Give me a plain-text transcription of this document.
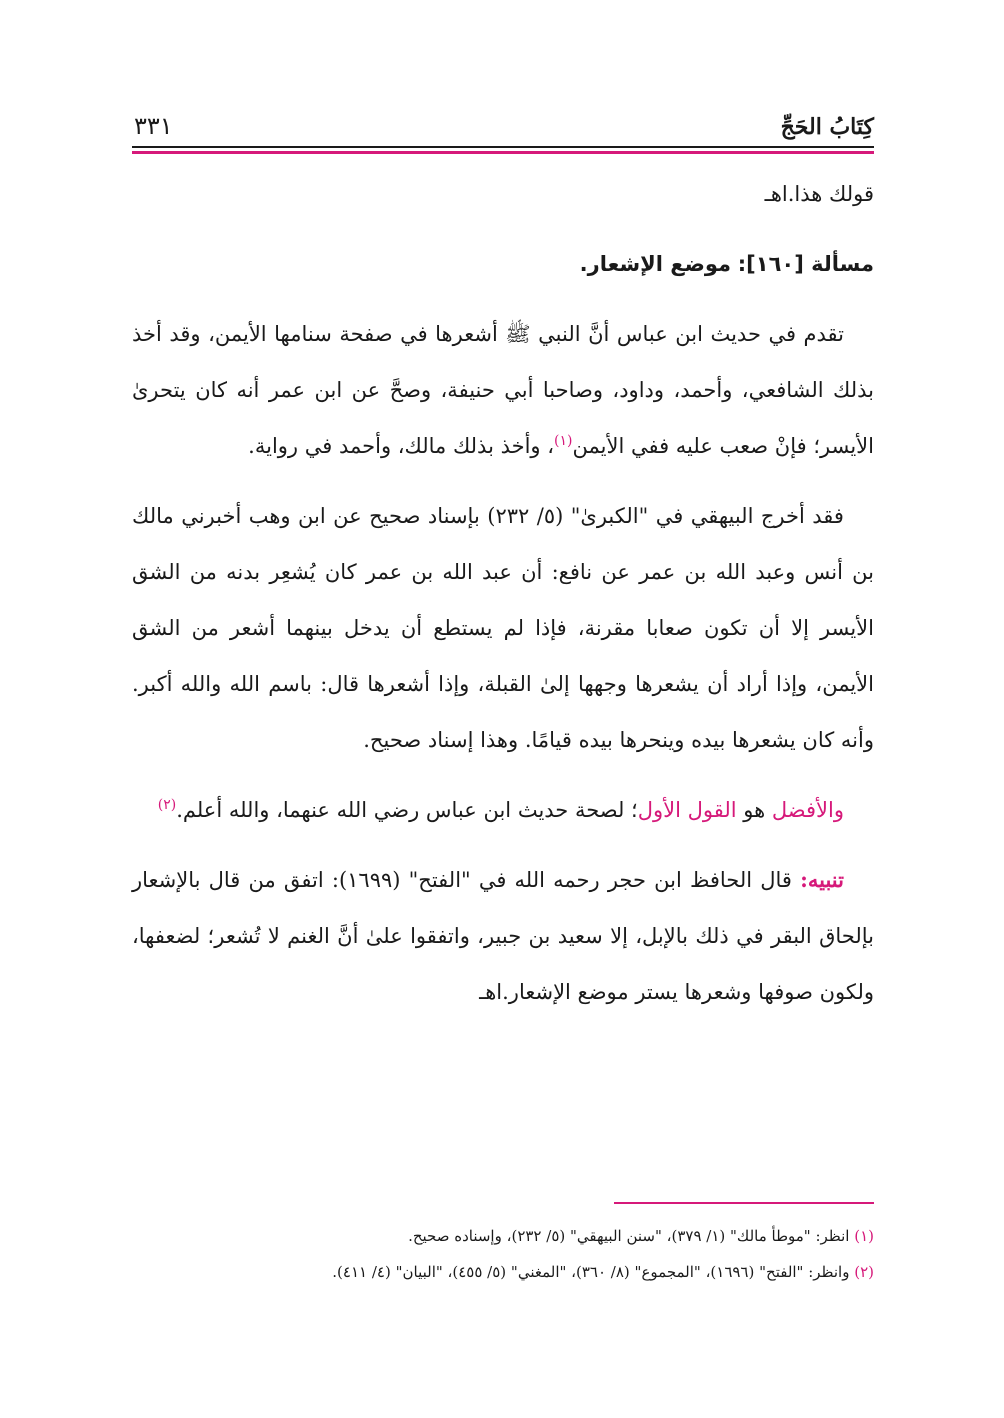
كِتَابُ الحَجِّ
٣٣١

قولك هذا.اهـ

مسألة [١٦٠]: موضع الإشعار.

تقدم في حديث ابن عباس أنَّ النبي ﷺ أشعرها في صفحة سنامها الأيمن، وقد أخذ بذلك الشافعي، وأحمد، وداود، وصاحبا أبي حنيفة، وصحَّ عن ابن عمر أنه كان يتحرىٰ الأيسر؛ فإنْ صعب عليه ففي الأيمن$^{(١)}$، وأخذ بذلك مالك، وأحمد في رواية.

فقد أخرج البيهقي في "الكبرىٰ" (٥/ ٢٣٢) بإسناد صحيح عن ابن وهب أخبرني مالك بن أنس وعبد الله بن عمر عن نافع: أن عبد الله بن عمر كان يُشعِر بدنه من الشق الأيسر إلا أن تكون صعابا مقرنة، فإذا لم يستطع أن يدخل بينهما أشعر من الشق الأيمن، وإذا أراد أن يشعرها وجهها إلىٰ القبلة، وإذا أشعرها قال: باسم الله والله أكبر. وأنه كان يشعرها بيده وينحرها بيده قيامًا. وهذا إسناد صحيح.

والأفضل هو القول الأول؛ لصحة حديث ابن عباس رضي الله عنهما، والله أعلم.$^{(٢)}$

تنبيه: قال الحافظ ابن حجر رحمه الله في "الفتح" (١٦٩٩): اتفق من قال بالإشعار بإلحاق البقر في ذلك بالإبل، إلا سعيد بن جبير، واتفقوا علىٰ أنَّ الغنم لا تُشعر؛ لضعفها، ولكون صوفها وشعرها يستر موضع الإشعار.اهـ

(١) انظر: "موطأ مالك" (١/ ٣٧٩)، "سنن البيهقي" (٥/ ٢٣٢)، وإسناده صحيح.

(٢) وانظر: "الفتح" (١٦٩٦)، "المجموع" (٨/ ٣٦٠)، "المغني" (٥/ ٤٥٥)، "البيان" (٤/ ٤١١).
